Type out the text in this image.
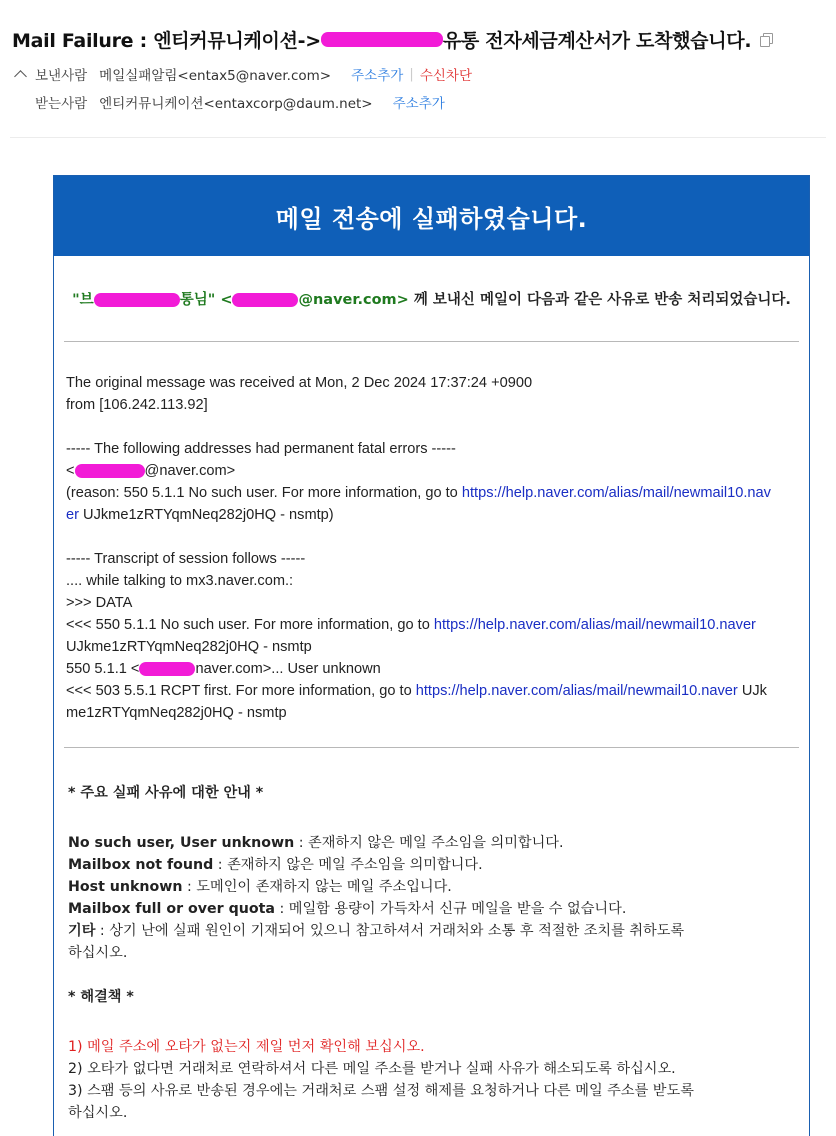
Mail Failure : 엔티커뮤니케이션->	유통 전자세금계산서가 도착했습니다.
보낸사람 메일실패알림<entax5@naver.com> 주소추가 | 수신차단
받는사람 엔티커뮤니케이션<entaxcorp@daum.net> 주소추가
메일 전송에 실패하였습니다.
"브	통님" <	@naver.com> 께 보내신 메일이 다음과 같은 사유로 반송 처리되었습니다.
The original message was received at Mon, 2 Dec 2024 17:37:24 +0900
from [106.242.113.92]
----- The following addresses had permanent fatal errors -----
<	@naver.com>
(reason: 550 5.1.1 No such user. For more information, go to https://help.naver.com/alias/mail/newmail10.nav
er UJkme1zRTYqmNeq282j0HQ - nsmtp)
----- Transcript of session follows -----
.... while talking to mx3.naver.com.:
>>> DATA
<<< 550 5.1.1 No such user. For more information, go to https://help.naver.com/alias/mail/newmail10.naver
UJkme1zRTYqmNeq282j0HQ - nsmtp
550 5.1.1 <	naver.com>... User unknown
<<< 503 5.5.1 RCPT first. For more information, go to https://help.naver.com/alias/mail/newmail10.naver UJk
me1zRTYqmNeq282j0HQ - nsmtp
* 주요 실패 사유에 대한 안내 *
No such user, User unknown : 존재하지 않은 메일 주소임을 의미합니다.
Mailbox not found : 존재하지 않은 메일 주소임을 의미합니다.
Host unknown : 도메인이 존재하지 않는 메일 주소입니다.
Mailbox full or over quota : 메일함 용량이 가득차서 신규 메일을 받을 수 없습니다.
기타 : 상기 난에 실패 원인이 기재되어 있으니 참고하셔서 거래처와 소통 후 적절한 조치를 취하도록
하십시오.
* 해결책 *
1) 메일 주소에 오타가 없는지 제일 먼저 확인해 보십시오.
2) 오타가 없다면 거래처로 연락하셔서 다른 메일 주소를 받거나 실패 사유가 해소되도록 하십시오.
3) 스팸 등의 사유로 반송된 경우에는 거래처로 스팸 설정 해제를 요청하거나 다른 메일 주소를 받도록
하십시오.
